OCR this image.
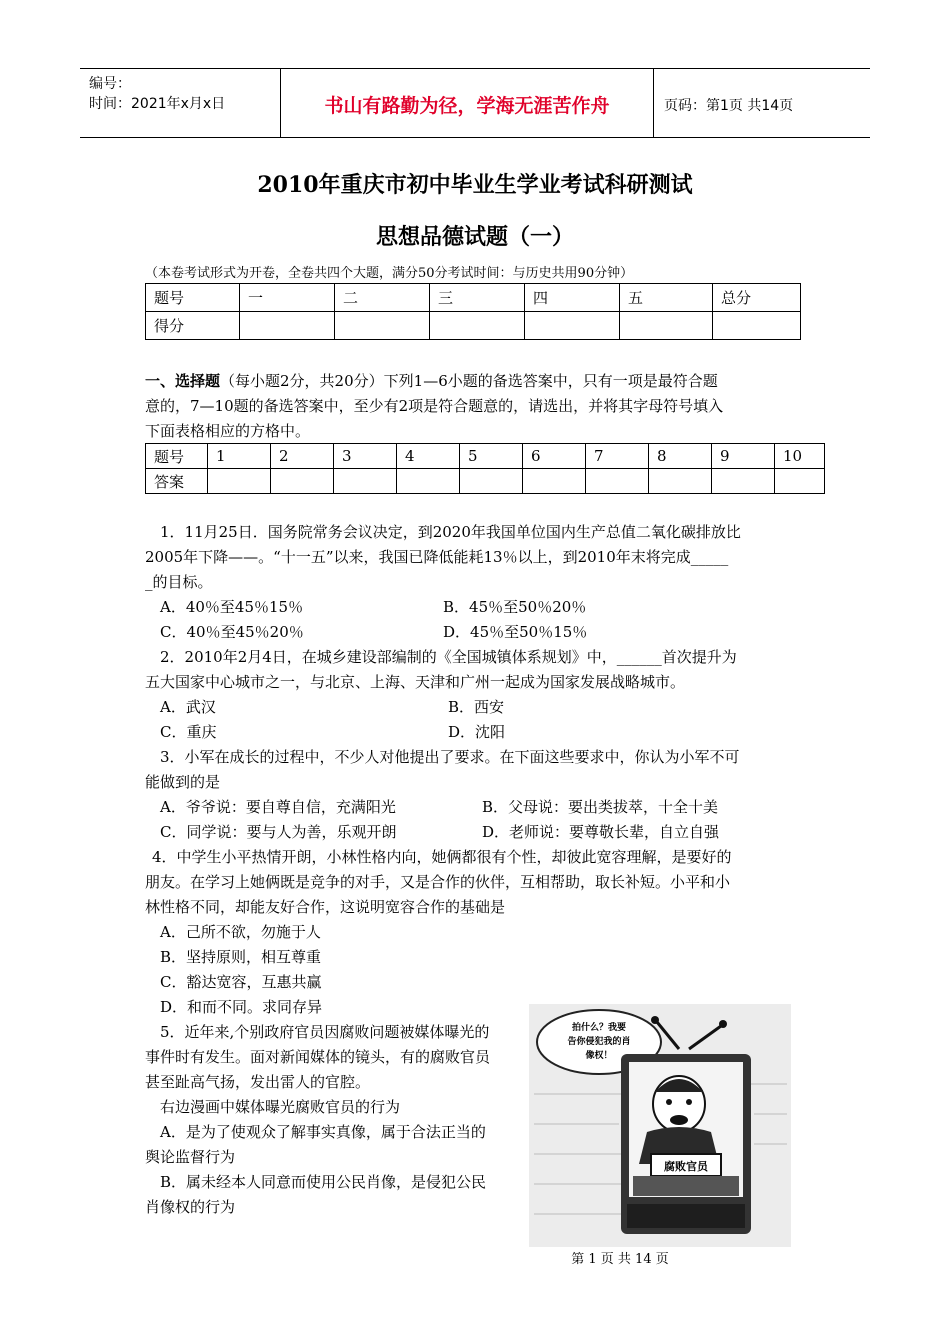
编号：
时间：2021年x月x日	书山有路勤为径，学海无涯苦作舟	页码：第1页 共14页
2010年重庆市初中毕业生学业考试科研测试
思想品德试题（一）
（本卷考试形式为开卷，全卷共四个大题，满分50分考试时间：与历史共用90分钟）
题号	一	二	三	四	五	总分
得分						
一、选择题（每小题2分，共20分）下列1—6小题的备选答案中，只有一项是最符合题
意的，7—10题的备选答案中，至少有2项是符合题意的，请选出，并将其字母符号填入
下面表格相应的方格中。
题号	1	2	3	4	5	6	7	8	9	10
答案										
1．11月25日．国务院常务会议决定，到2020年我国单位国内生产总值二氧化碳排放比
2005年下降——。“十一五”以来，我国已降低能耗13％以上，到2010年末将完成_____
_的目标。
A．40％至45％15％	B．45％至50％20％
C．40％至45％20％	D．45％至50％15％
2．2010年2月4日，在城乡建设部编制的《全国城镇体系规划》中，______首次提升为
五大国家中心城市之一，与北京、上海、天津和广州一起成为国家发展战略城市。
A．武汉	B．西安
C．重庆	D．沈阳
3．小军在成长的过程中，不少人对他提出了要求。在下面这些要求中，你认为小军不可
能做到的是
A．爷爷说：要自尊自信，充满阳光	B．父母说：要出类拔萃，十全十美
C．同学说：要与人为善，乐观开朗	D．老师说：要尊敬长辈，自立自强
4．中学生小平热情开朗，小林性格内向，她俩都很有个性，却彼此宽容理解，是要好的
朋友。在学习上她俩既是竞争的对手，又是合作的伙伴，互相帮助，取长补短。小平和小
林性格不同，却能友好合作，这说明宽容合作的基础是
A．己所不欲，勿施于人
B．坚持原则，相互尊重
C．豁达宽容，互惠共赢
D．和而不同。求同存异
5．近年来,个别政府官员因腐败问题被媒体曝光的
事件时有发生。面对新闻媒体的镜头，有的腐败官员
甚至趾高气扬，发出雷人的官腔。
右边漫画中媒体曝光腐败官员的行为
A．是为了使观众了解事实真像，属于合法正当的
舆论监督行为
B．属未经本人同意而使用公民肖像，是侵犯公民
肖像权的行为
拍什么？我要
告你侵犯我的肖
像权！
腐败官员
第 1 页 共 14 页
